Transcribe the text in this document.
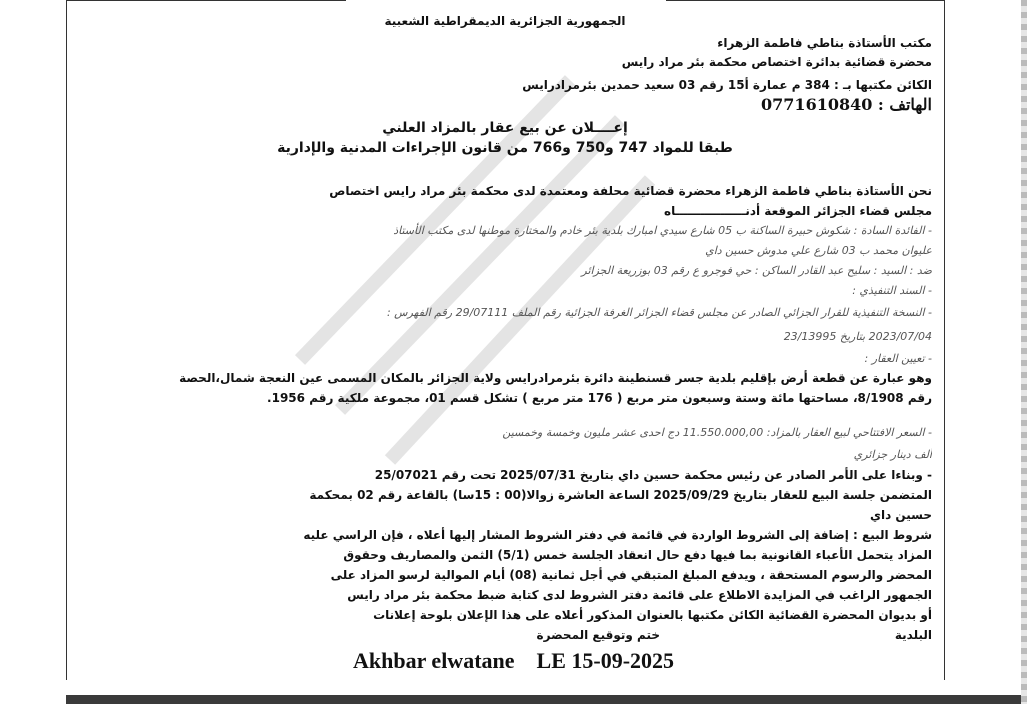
الجمهورية الجزائرية الديمقراطية الشعبية
مكتب الأستاذة بناطي فاطمة الزهراء
محضرة قضائية بدائرة اختصاص محكمة بئر مراد رايس
الكائن مكتبها بـ : 384 م عمارة أ15 رقم 03 سعيد حمدين بئرمرادرايس
الهاتف : 0771610840
إعــــلان عن بيع عقار بالمزاد العلني
طبقا للمواد 747 و750 و766 من قانون الإجراءات المدنية والإدارية
نحن الأستاذة بناطي فاطمة الزهراء محضرة قضائية محلفة ومعتمدة لدى محكمة بئر مراد رايس اختصاص
مجلس قضاء الجزائر الموقعة أدنـــــــــــــــــاه
- الفائدة السادة : شكوش حبيرة الساكنة ب 05 شارع سيدي امبارك بلدية بئر خادم والمختارة موطنها لدى مكتب الأستاذ
عليوان محمد ب 03 شارع علي مدوش حسين داي
ضد : السيد : سليح عبد القادر الساكن : حي فوجرو ع رقم 03 بوزريعة الجزائر
- السند التنفيذي :
- النسخة التنفيذية للقرار الجزائي الصادر عن مجلس قضاء الجزائر الغرفة الجزائية رقم الملف 29/07111 رقم الفهرس :
2023/07/04 بتاريخ 23/13995
- تعيين العقار :
وهو عبارة عن قطعة أرض بإقليم بلدية جسر قسنطينة دائرة بئرمرادرايس ولاية الجزائر بالمكان المسمى عين النعجة شمال،الحصة
رقم 8/1908، مساحتها مائة وستة وسبعون متر مربع ( 176 متر مربع ) تشكل قسم 01، مجموعة ملكية رقم 1956.
- السعر الافتتاحي لبيع العقار بالمزاد: 11.550.000,00 دج احدى عشر مليون وخمسة وخمسين
ألف دينار جزائري
- وبناءا على الأمر الصادر عن رئيس محكمة حسين داي بتاريخ 2025/07/31 تحت رقم 25/07021
المتضمن جلسة البيع للعقار بتاريخ 2025/09/29 الساعة العاشرة زوالا(00 : 15سا) بالقاعة رقم 02 بمحكمة
حسين داي
شروط البيع : إضافة إلى الشروط الواردة في قائمة في دفتر الشروط المشار إليها أعلاه ، فإن الراسي عليه
المزاد يتحمل الأعباء القانونية بما فيها دفع حال انعقاد الجلسة خمس (5/1) الثمن والمصاريف وحقوق
المحضر والرسوم المستحقة ، ويدفع المبلغ المتبقي في أجل ثمانية (08) أيام الموالية لرسو المزاد على
الجمهور الراغب في المزايدة الاطلاع على قائمة دفتر الشروط لدى كتابة ضبط محكمة بئر مراد رايس
أو بديوان المحضرة القضائية الكائن مكتبها بالعنوان المذكور أعلاه على هذا الإعلان بلوحة إعلانات
البلدية
ختم وتوقيع المحضرة
Akhbar elwatane LE 15-09-2025
